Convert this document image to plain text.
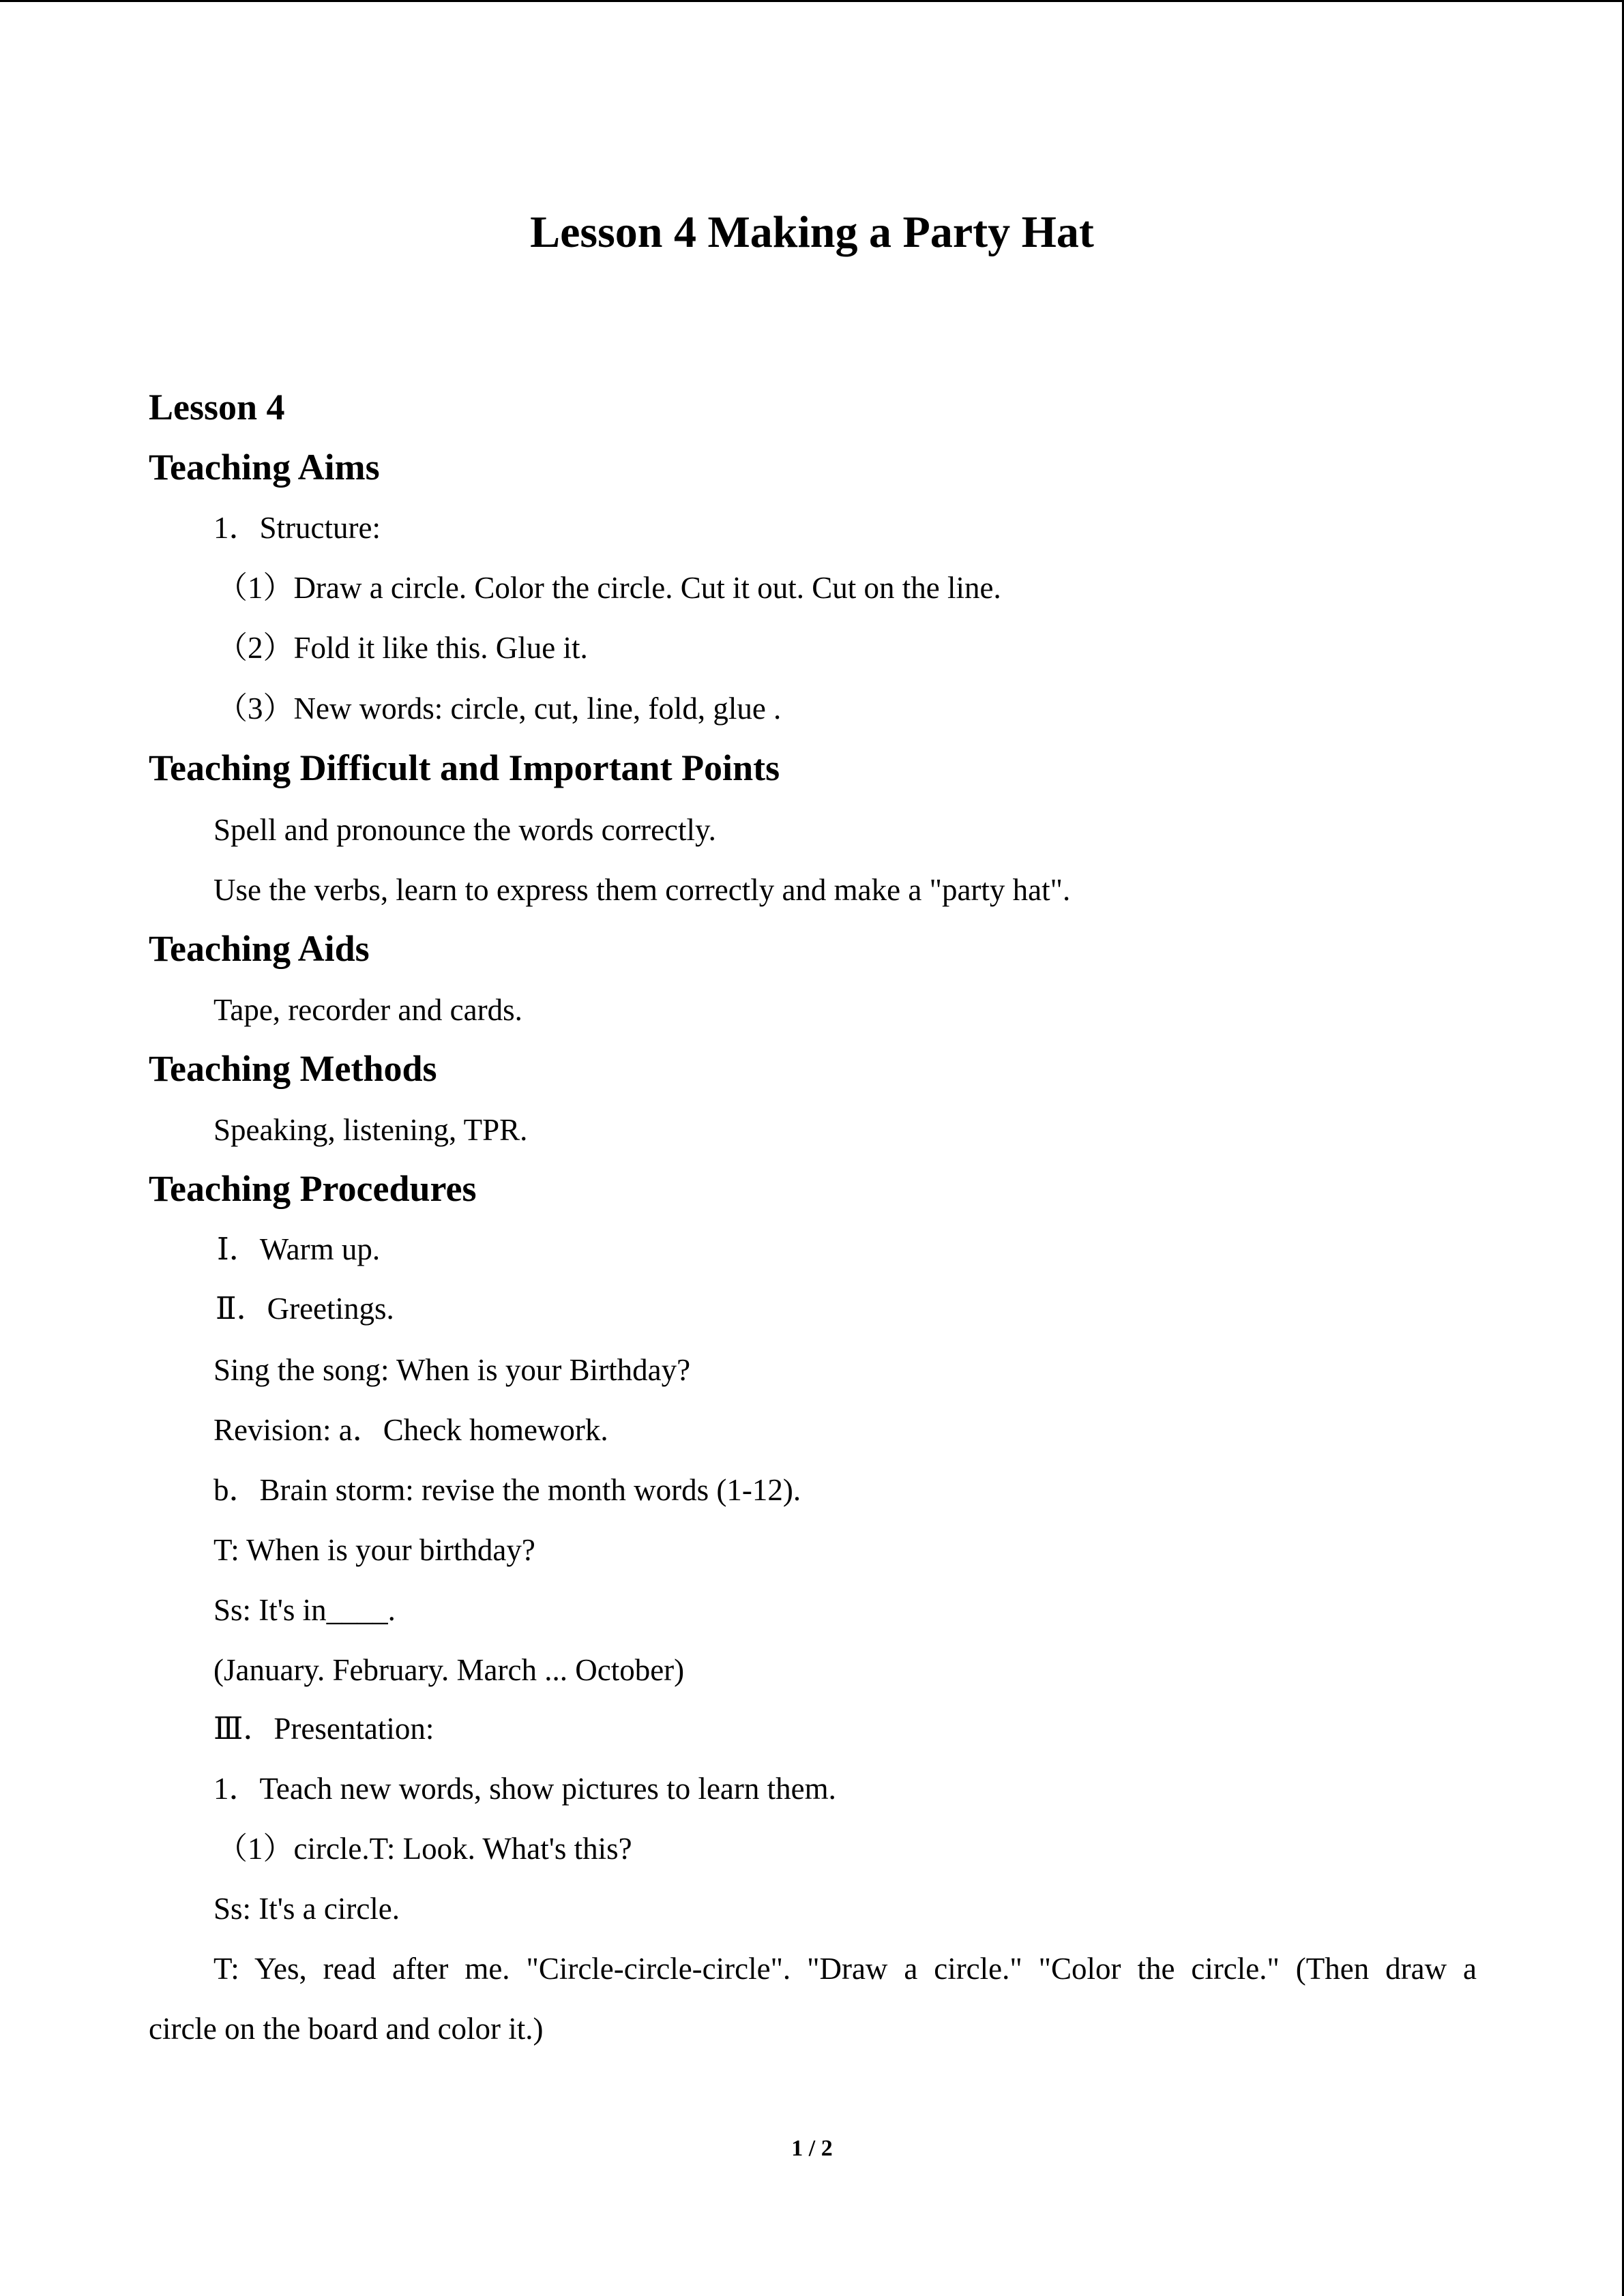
Lesson 4 Making a Party Hat
Lesson 4
Teaching Aims
1．Structure:
（1）Draw a circle. Color the circle. Cut it out. Cut on the line.
（2）Fold it like this. Glue it.
（3）New words: circle, cut, line, fold, glue .
Teaching Difficult and Important Points
Spell and pronounce the words correctly.
Use the verbs, learn to express them correctly and make a "party hat".
Teaching Aids
Tape, recorder and cards.
Teaching Methods
Speaking, listening, TPR.
Teaching Procedures
Ⅰ．Warm up.
Ⅱ．Greetings.
Sing the song: When is your Birthday?
Revision: a．Check homework.
b．Brain storm: revise the month words (1-12).
T: When is your birthday?
Ss: It's in____.
(January. February. March ... October)
Ⅲ．Presentation:
1．Teach new words, show pictures to learn them.
（1）circle.T: Look. What's this?
Ss: It's a circle.
T: Yes, read after me. "Circle-circle-circle". "Draw a circle." "Color the circle." (Then draw a
circle on the board and color it.)
1 / 2
